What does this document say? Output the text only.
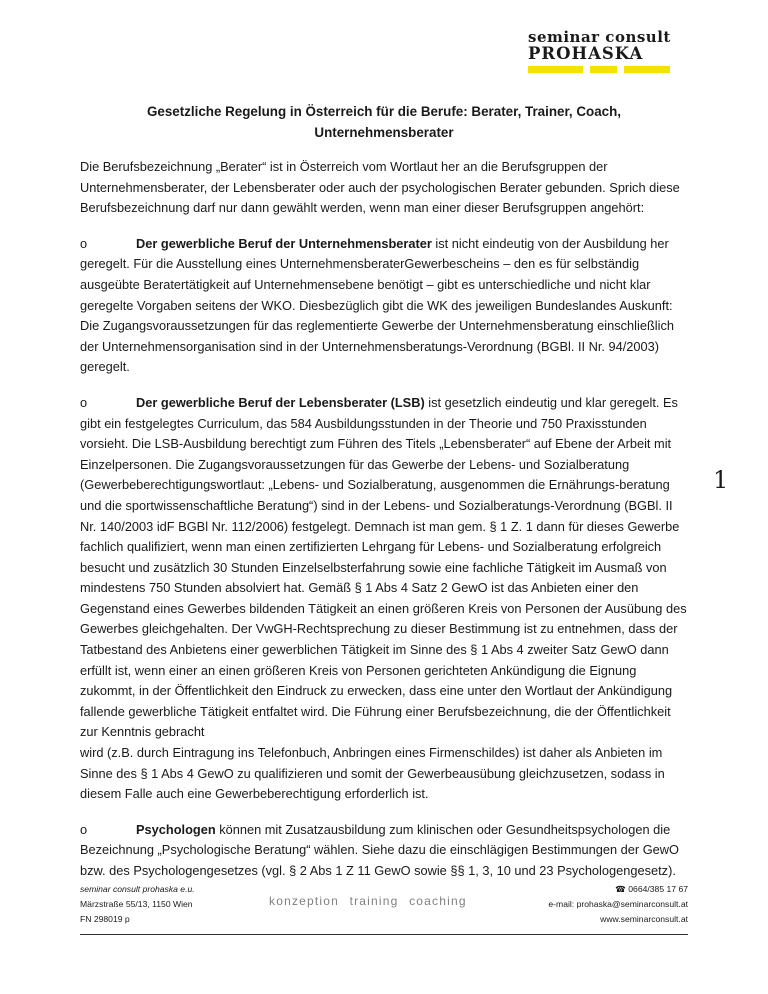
seminar consult
PROHASKA
Gesetzliche Regelung in Österreich für die Berufe: Berater, Trainer, Coach,
Unternehmensberater

Die Berufsbezeichnung „Berater“ ist in Österreich vom Wortlaut her an die Berufsgruppen der Unternehmensberater, der Lebensberater oder auch der psychologischen Berater gebunden. Sprich diese Berufsbezeichnung darf nur dann gewählt werden, wenn man einer dieser Berufsgruppen angehört:

o	Der gewerbliche Beruf der Unternehmensberater ist nicht eindeutig von der Ausbildung her geregelt. Für die Ausstellung eines UnternehmensberaterGewerbescheins – den es für selbständig ausgeübte Beratertätigkeit auf Unternehmensebene benötigt – gibt es unterschiedliche und nicht klar geregelte Vorgaben seitens der WKO. Diesbezüglich gibt die WK des jeweiligen Bundeslandes Auskunft: Die Zugangsvoraussetzungen für das reglementierte Gewerbe der Unternehmensberatung einschließlich der Unternehmensorganisation sind in der Unternehmensberatungs-Verordnung (BGBl. II Nr. 94/2003) geregelt.

o	Der gewerbliche Beruf der Lebensberater (LSB) ist gesetzlich eindeutig und klar geregelt. Es gibt ein festgelegtes Curriculum, das 584 Ausbildungsstunden in der Theorie und 750 Praxisstunden vorsieht. Die LSB-Ausbildung berechtigt zum Führen des Titels „Lebensberater“ auf Ebene der Arbeit mit Einzelpersonen. Die Zugangsvoraussetzungen für das Gewerbe der Lebens- und Sozialberatung (Gewerbeberechtigungswortlaut: „Lebens- und Sozialberatung, ausgenommen die Ernährungs-beratung und die sportwissenschaftliche Beratung“) sind in der Lebens- und Sozialberatungs-Verordnung (BGBl. II Nr. 140/2003 idF BGBl Nr. 112/2006) festgelegt. Demnach ist man gem. § 1 Z. 1 dann für dieses Gewerbe fachlich qualifiziert, wenn man einen zertifizierten Lehrgang für Lebens- und Sozialberatung erfolgreich besucht und zusätzlich 30 Stunden Einzelselbsterfahrung sowie eine fachliche Tätigkeit im Ausmaß von mindestens 750 Stunden absolviert hat. Gemäß § 1 Abs 4 Satz 2 GewO ist das Anbieten einer den Gegenstand eines Gewerbes bildenden Tätigkeit an einen größeren Kreis von Personen der Ausübung des Gewerbes gleichgehalten. Der VwGH-Rechtsprechung zu dieser Bestimmung ist zu entnehmen, dass der Tatbestand des Anbietens einer gewerblichen Tätigkeit im Sinne des § 1 Abs 4 zweiter Satz GewO dann erfüllt ist, wenn einer an einen größeren Kreis von Personen gerichteten Ankündigung die Eignung zukommt, in der Öffentlichkeit den Eindruck zu erwecken, dass eine unter den Wortlaut der Ankündigung fallende gewerbliche Tätigkeit entfaltet wird. Die Führung einer Berufsbezeichnung, die der Öffentlichkeit zur Kenntnis gebracht
wird (z.B. durch Eintragung ins Telefonbuch, Anbringen eines Firmenschildes) ist daher als Anbieten im Sinne des § 1 Abs 4 GewO zu qualifizieren und somit der Gewerbeausübung gleichzusetzen, sodass in diesem Falle auch eine Gewerbeberechtigung erforderlich ist.

o	Psychologen können mit Zusatzausbildung zum klinischen oder Gesundheitspsychologen die Bezeichnung „Psychologische Beratung“ wählen. Siehe dazu die einschlägigen Bestimmungen der GewO bzw. des Psychologengesetzes (vgl. § 2 Abs 1 Z 11 GewO sowie §§ 1, 3, 10 und 23 Psychologengesetz).

1
seminar consult prohaska e.u.
Märzstraße 55/13, 1150 Wien
FN 298019 p
konzeption training coaching
☎ 0664/385 17 67
e-mail: prohaska@seminarconsult.at
www.seminarconsult.at
